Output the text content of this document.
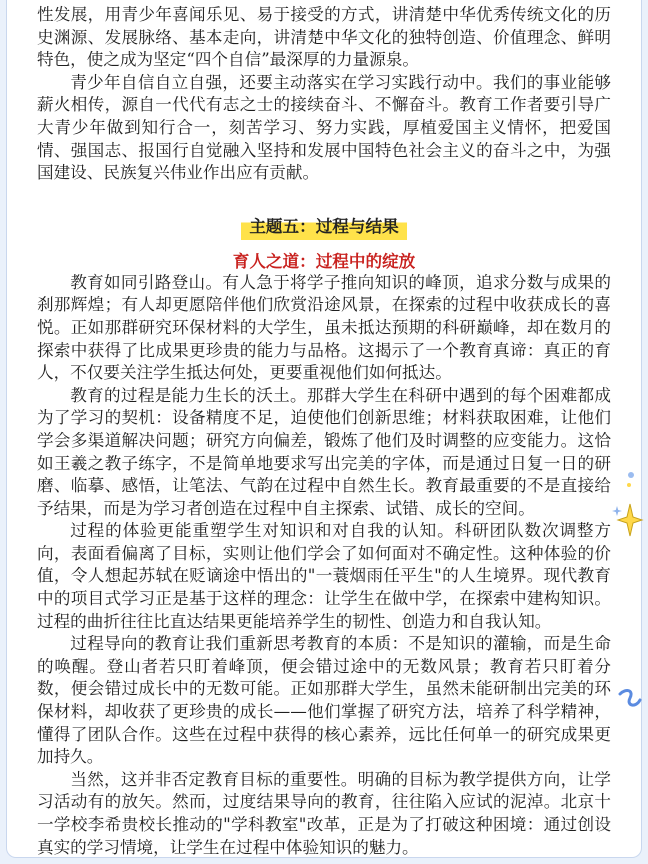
性发展，用青少年喜闻乐见、易于接受的方式，讲清楚中华优秀传统文化的历史渊源、发展脉络、基本走向，讲清楚中华文化的独特创造、价值理念、鲜明特色，使之成为坚定“四个自信”最深厚的力量源泉。

青少年自信自立自强，还要主动落实在学习实践行动中。我们的事业能够薪火相传，源自一代代有志之士的接续奋斗、不懈奋斗。教育工作者要引导广大青少年做到知行合一，刻苦学习、努力实践，厚植爱国主义情怀，把爱国情、强国志、报国行自觉融入坚持和发展中国特色社会主义的奋斗之中，为强国建设、民族复兴伟业作出应有贡献。

主题五：过程与结果
育人之道：过程中的绽放

教育如同引路登山。有人急于将学子推向知识的峰顶，追求分数与成果的刹那辉煌；有人却更愿陪伴他们欣赏沿途风景，在探索的过程中收获成长的喜悦。正如那群研究环保材料的大学生，虽未抵达预期的科研巅峰，却在数月的探索中获得了比成果更珍贵的能力与品格。这揭示了一个教育真谛：真正的育人，不仅要关注学生抵达何处，更要重视他们如何抵达。

教育的过程是能力生长的沃土。那群大学生在科研中遇到的每个困难都成为了学习的契机：设备精度不足，迫使他们创新思维；材料获取困难，让他们学会多渠道解决问题；研究方向偏差，锻炼了他们及时调整的应变能力。这恰如王羲之教子练字，不是简单地要求写出完美的字体，而是通过日复一日的研磨、临摹、感悟，让笔法、气韵在过程中自然生长。教育最重要的不是直接给予结果，而是为学习者创造在过程中自主探索、试错、成长的空间。

过程的体验更能重塑学生对知识和对自我的认知。科研团队数次调整方向，表面看偏离了目标，实则让他们学会了如何面对不确定性。这种体验的价值，令人想起苏轼在贬谪途中悟出的"一蓑烟雨任平生"的人生境界。现代教育中的项目式学习正是基于这样的理念：让学生在做中学，在探索中建构知识。过程的曲折往往比直达结果更能培养学生的韧性、创造力和自我认知。

过程导向的教育让我们重新思考教育的本质：不是知识的灌输，而是生命的唤醒。登山者若只盯着峰顶，便会错过途中的无数风景；教育若只盯着分数，便会错过成长中的无数可能。正如那群大学生，虽然未能研制出完美的环保材料，却收获了更珍贵的成长——他们掌握了研究方法，培养了科学精神，懂得了团队合作。这些在过程中获得的核心素养，远比任何单一的研究成果更加持久。

当然，这并非否定教育目标的重要性。明确的目标为教学提供方向，让学习活动有的放矢。然而，过度结果导向的教育，往往陷入应试的泥淖。北京十一学校李希贵校长推动的"学科教室"改革，正是为了打破这种困境：通过创设真实的学习情境，让学生在过程中体验知识的魅力。
